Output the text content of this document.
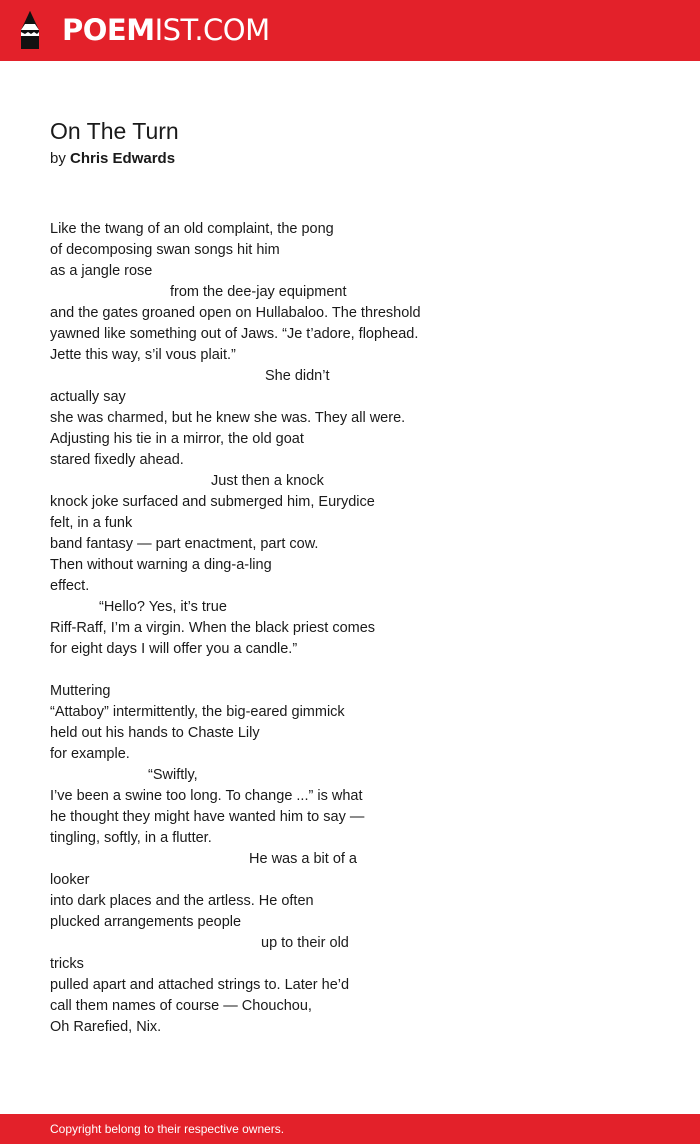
POEMIST.COM
On The Turn
by Chris Edwards
Like the twang of an old complaint, the pong
of decomposing swan songs hit him
as a jangle rose
from the dee-jay equipment
and the gates groaned open on Hullabaloo. The threshold
yawned like something out of Jaws. “Je t’adore, flophead.
Jette this way, s’il vous plait.”
She didn’t
actually say
she was charmed, but he knew she was. They all were.
Adjusting his tie in a mirror, the old goat
stared fixedly ahead.
Just then a knock
knock joke surfaced and submerged him, Eurydice
felt, in a funk
band fantasy — part enactment, part cow.
Then without warning a ding-a-ling
effect.
“Hello? Yes, it’s true
Riff-Raff, I’m a virgin. When the black priest comes
for eight days I will offer you a candle.”
Muttering
“Attaboy” intermittently, the big-eared gimmick
held out his hands to Chaste Lily
for example.
“Swiftly,
I’ve been a swine too long. To change ...” is what
he thought they might have wanted him to say —
tingling, softly, in a flutter.
He was a bit of a
looker
into dark places and the artless. He often
plucked arrangements people
up to their old
tricks
pulled apart and attached strings to. Later he’d
call them names of course — Chouchou,
Oh Rarefied, Nix.
Copyright belong to their respective owners.
